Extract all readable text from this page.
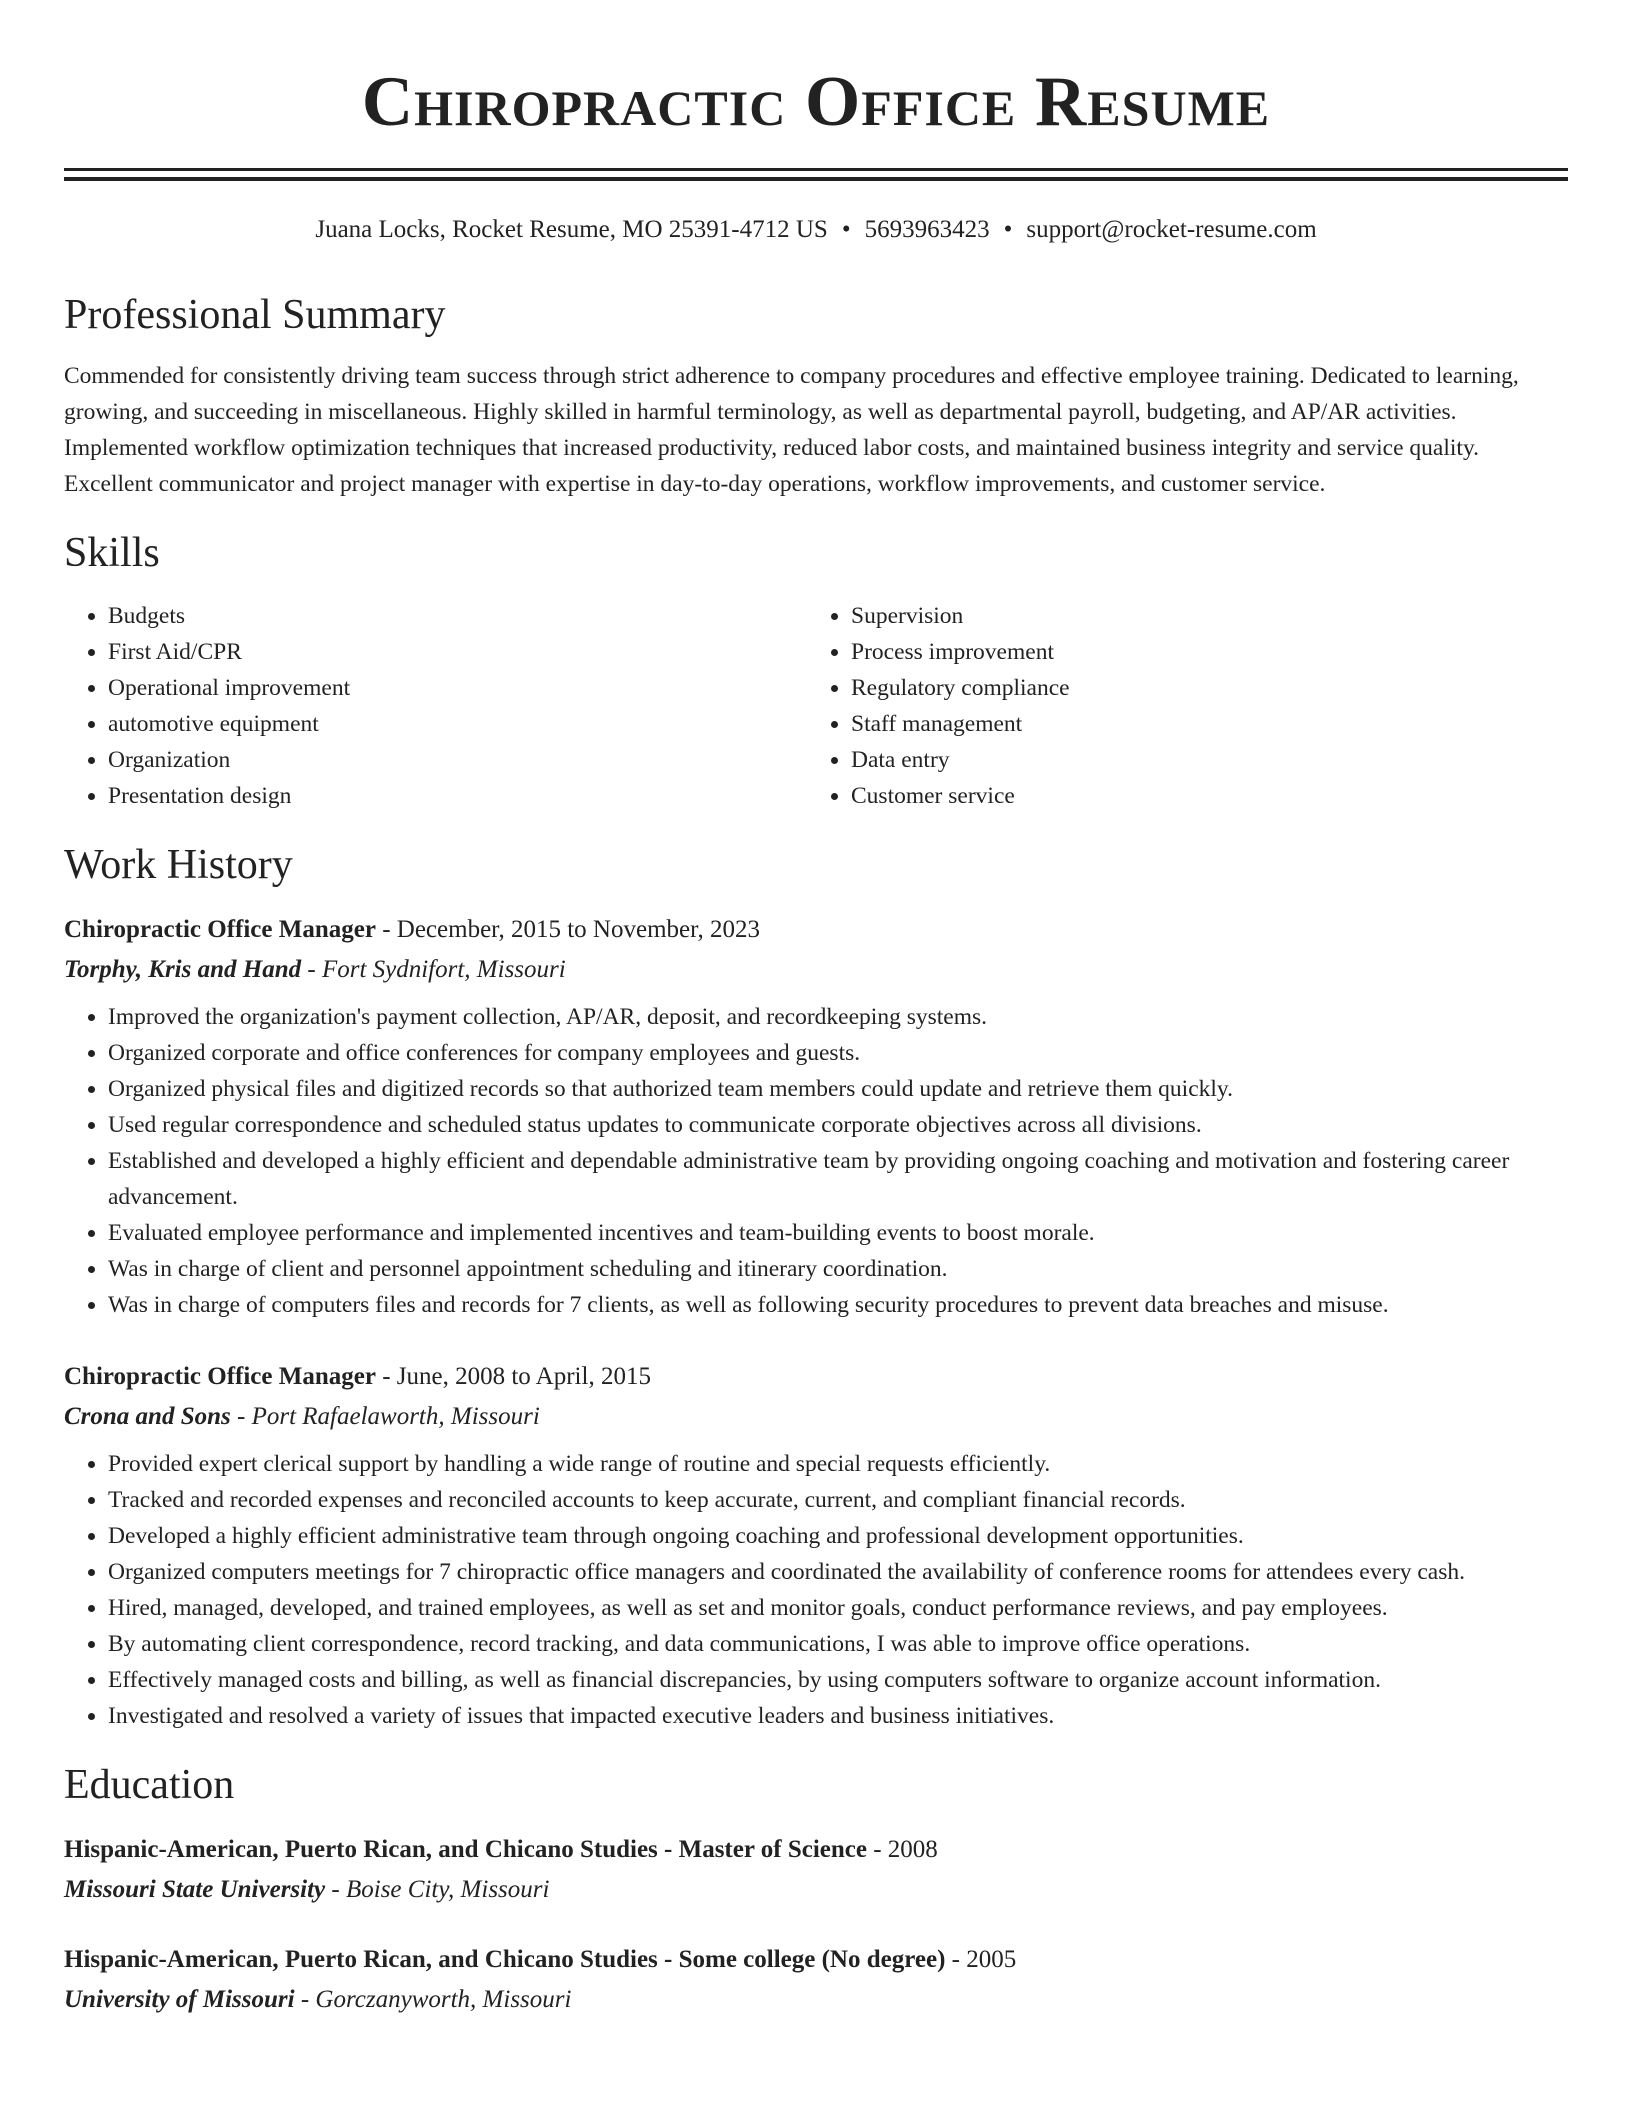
Chiropractic Office Resume
Juana Locks, Rocket Resume, MO 25391-4712 US • 5693963423 • support@rocket-resume.com
Professional Summary
Commended for consistently driving team success through strict adherence to company procedures and effective employee training. Dedicated to learning, growing, and succeeding in miscellaneous. Highly skilled in harmful terminology, as well as departmental payroll, budgeting, and AP/AR activities. Implemented workflow optimization techniques that increased productivity, reduced labor costs, and maintained business integrity and service quality. Excellent communicator and project manager with expertise in day-to-day operations, workflow improvements, and customer service.
Skills
• Budgets
• First Aid/CPR
• Operational improvement
• automotive equipment
• Organization
• Presentation design
• Supervision
• Process improvement
• Regulatory compliance
• Staff management
• Data entry
• Customer service
Work History
Chiropractic Office Manager - December, 2015 to November, 2023
Torphy, Kris and Hand - Fort Sydnifort, Missouri
• Improved the organization's payment collection, AP/AR, deposit, and recordkeeping systems.
• Organized corporate and office conferences for company employees and guests.
• Organized physical files and digitized records so that authorized team members could update and retrieve them quickly.
• Used regular correspondence and scheduled status updates to communicate corporate objectives across all divisions.
• Established and developed a highly efficient and dependable administrative team by providing ongoing coaching and motivation and fostering career advancement.
• Evaluated employee performance and implemented incentives and team-building events to boost morale.
• Was in charge of client and personnel appointment scheduling and itinerary coordination.
• Was in charge of computers files and records for 7 clients, as well as following security procedures to prevent data breaches and misuse.
Chiropractic Office Manager - June, 2008 to April, 2015
Crona and Sons - Port Rafaelaworth, Missouri
• Provided expert clerical support by handling a wide range of routine and special requests efficiently.
• Tracked and recorded expenses and reconciled accounts to keep accurate, current, and compliant financial records.
• Developed a highly efficient administrative team through ongoing coaching and professional development opportunities.
• Organized computers meetings for 7 chiropractic office managers and coordinated the availability of conference rooms for attendees every cash.
• Hired, managed, developed, and trained employees, as well as set and monitor goals, conduct performance reviews, and pay employees.
• By automating client correspondence, record tracking, and data communications, I was able to improve office operations.
• Effectively managed costs and billing, as well as financial discrepancies, by using computers software to organize account information.
• Investigated and resolved a variety of issues that impacted executive leaders and business initiatives.
Education
Hispanic-American, Puerto Rican, and Chicano Studies - Master of Science - 2008
Missouri State University - Boise City, Missouri
Hispanic-American, Puerto Rican, and Chicano Studies - Some college (No degree) - 2005
University of Missouri - Gorczanyworth, Missouri
